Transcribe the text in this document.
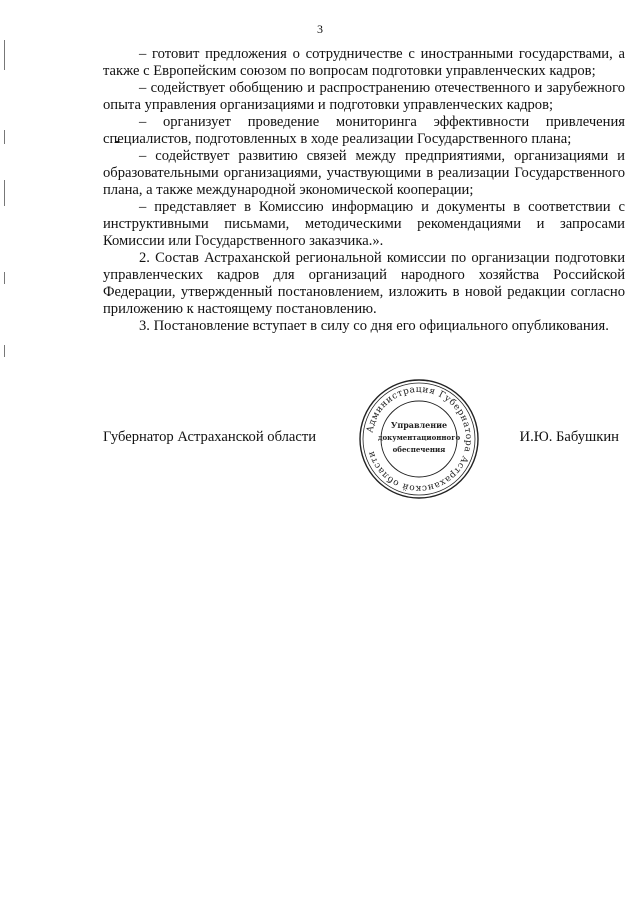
3

– готовит предложения о сотрудничестве с иностранными государствами, а также с Европейским союзом по вопросам подготовки управленческих кадров;

– содействует обобщению и распространению отечественного и зарубежного опыта управления организациями и подготовки управленческих кадров;

– организует проведение мониторинга эффективности привлечения специалистов, подготовленных в ходе реализации Государственного плана;

– содействует развитию связей между предприятиями, организациями и образовательными организациями, участвующими в реализации Государственного плана, а также международной экономической кооперации;

– представляет в Комиссию информацию и документы в соответствии с инструктивными письмами, методическими рекомендациями и запросами Комиссии или Государственного заказчика.».

2. Состав Астраханской региональной комиссии по организации подготовки управленческих кадров для организаций народного хозяйства Российской Федерации, утвержденный постановлением, изложить в новой редакции согласно приложению к настоящему постановлению.

3. Постановление вступает в силу со дня его официального опубликования.

Губернатор Астраханской области	Администрация Губернатора Астраханской области
Управление
документационного
обеспечения
И.Ю. Бабушкин
